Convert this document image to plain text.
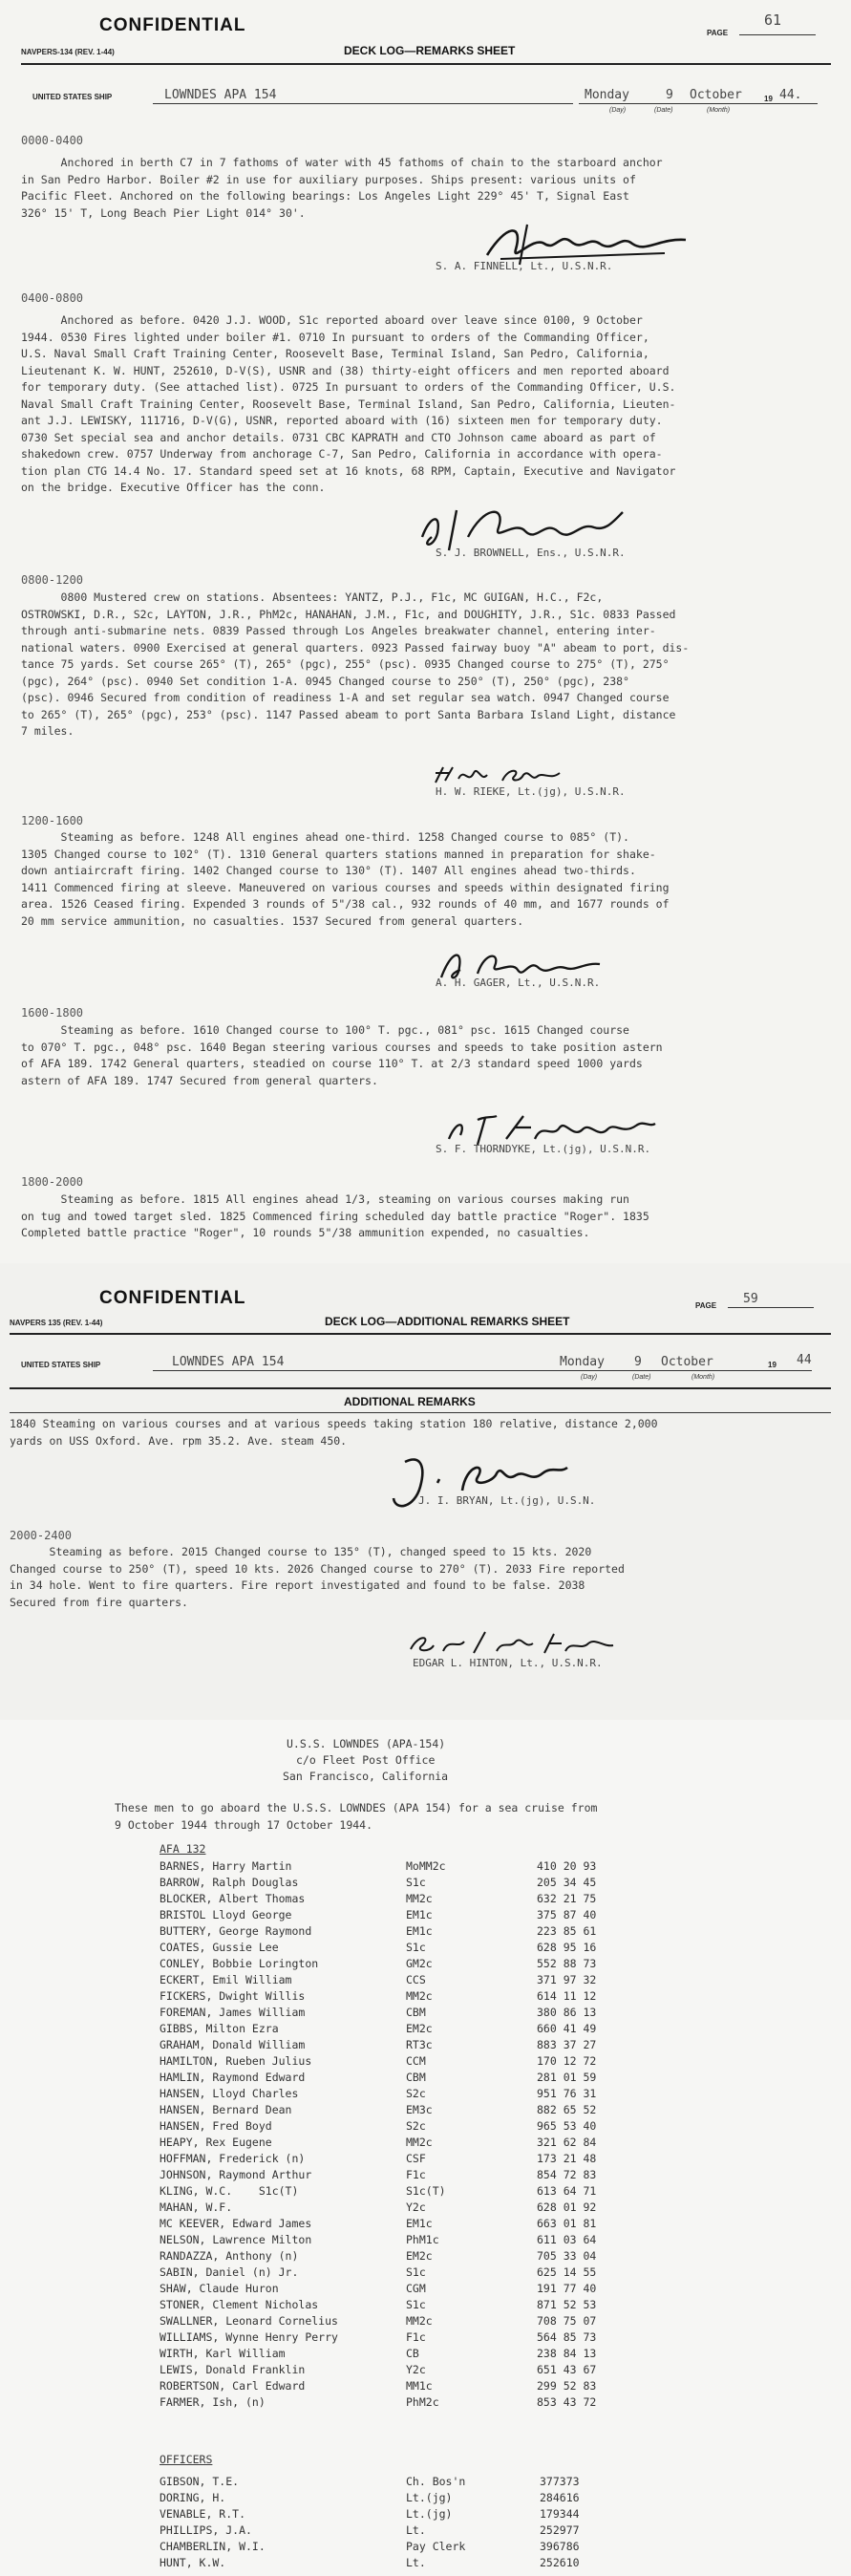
CONFIDENTIAL	PAGE
61
NAVPERS-134 (REV. 1-44)	DECK LOG—REMARKS SHEET
UNITED STATES SHIP	LOWNDES APA 154	Monday	9 October	19 44.
(Day)	(Date)	(Month)
0000-0400
Anchored in berth C7 in 7 fathoms of water with 45 fathoms of chain to the starboard anchor
in San Pedro Harbor. Boiler #2 in use for auxiliary purposes. Ships present: various units of
Pacific Fleet. Anchored on the following bearings: Los Angeles Light 229° 45' T, Signal East
326° 15' T, Long Beach Pier Light 014° 30'.
S. A. FINNELL, Lt., U.S.N.R.
0400-0800
Anchored as before. 0420 J.J. WOOD, S1c reported aboard over leave since 0100, 9 October
1944. 0530 Fires lighted under boiler #1. 0710 In pursuant to orders of the Commanding Officer,
U.S. Naval Small Craft Training Center, Roosevelt Base, Terminal Island, San Pedro, California,
Lieutenant K. W. HUNT, 252610, D-V(S), USNR and (38) thirty-eight officers and men reported aboard
for temporary duty. (See attached list). 0725 In pursuant to orders of the Commanding Officer, U.S.
Naval Small Craft Training Center, Roosevelt Base, Terminal Island, San Pedro, California, Lieuten-
ant J.J. LEWISKY, 111716, D-V(G), USNR, reported aboard with (16) sixteen men for temporary duty.
0730 Set special sea and anchor details. 0731 CBC KAPRATH and CTO Johnson came aboard as part of
shakedown crew. 0757 Underway from anchorage C-7, San Pedro, California in accordance with opera-
tion plan CTG 14.4 No. 17. Standard speed set at 16 knots, 68 RPM, Captain, Executive and Navigator
on the bridge. Executive Officer has the conn.
S. J. BROWNELL, Ens., U.S.N.R.
0800-1200
0800 Mustered crew on stations. Absentees: YANTZ, P.J., F1c, MC GUIGAN, H.C., F2c,
OSTROWSKI, D.R., S2c, LAYTON, J.R., PhM2c, HANAHAN, J.M., F1c, and DOUGHITY, J.R., S1c. 0833 Passed
through anti-submarine nets. 0839 Passed through Los Angeles breakwater channel, entering inter-
national waters. 0900 Exercised at general quarters. 0923 Passed fairway buoy "A" abeam to port, dis-
tance 75 yards. Set course 265° (T), 265° (pgc), 255° (psc). 0935 Changed course to 275° (T), 275°
(pgc), 264° (psc). 0940 Set condition 1-A. 0945 Changed course to 250° (T), 250° (pgc), 238°
(psc). 0946 Secured from condition of readiness 1-A and set regular sea watch. 0947 Changed course
to 265° (T), 265° (pgc), 253° (psc). 1147 Passed abeam to port Santa Barbara Island Light, distance
7 miles.
H. W. RIEKE, Lt.(jg), U.S.N.R.
1200-1600
Steaming as before. 1248 All engines ahead one-third. 1258 Changed course to 085° (T).
1305 Changed course to 102° (T). 1310 General quarters stations manned in preparation for shake-
down antiaircraft firing. 1402 Changed course to 130° (T). 1407 All engines ahead two-thirds.
1411 Commenced firing at sleeve. Maneuvered on various courses and speeds within designated firing
area. 1526 Ceased firing. Expended 3 rounds of 5"/38 cal., 932 rounds of 40 mm, and 1677 rounds of
20 mm service ammunition, no casualties. 1537 Secured from general quarters.
A. H. GAGER, Lt., U.S.N.R.
1600-1800
Steaming as before. 1610 Changed course to 100° T. pgc., 081° psc. 1615 Changed course
to 070° T. pgc., 048° psc. 1640 Began steering various courses and speeds to take position astern
of AFA 189. 1742 General quarters, steadied on course 110° T. at 2/3 standard speed 1000 yards
astern of AFA 189. 1747 Secured from general quarters.
S. F. THORNDYKE, Lt.(jg), U.S.N.R.
1800-2000
Steaming as before. 1815 All engines ahead 1/3, steaming on various courses making run
on tug and towed target sled. 1825 Commenced firing scheduled day battle practice "Roger". 1835
Completed battle practice "Roger", 10 rounds 5"/38 ammunition expended, no casualties.
CONFIDENTIAL	PAGE 59
NAVPERS 135 (REV. 1-44)	DECK LOG—ADDITIONAL REMARKS SHEET
UNITED STATES SHIP	LOWNDES APA 154	Monday 9 October	19 44
(Day)	(Date)	(Month)
ADDITIONAL REMARKS
1840 Steaming on various courses and at various speeds taking station 180 relative, distance 2,000
yards on USS Oxford. Ave. rpm 35.2. Ave. steam 450.
J. I. BRYAN, Lt.(jg), U.S.N.
2000-2400
Steaming as before. 2015 Changed course to 135° (T), changed speed to 15 kts. 2020
Changed course to 250° (T), speed 10 kts. 2026 Changed course to 270° (T). 2033 Fire reported
in 34 hole. Went to fire quarters. Fire report investigated and found to be false. 2038
Secured from fire quarters.
EDGAR L. HINTON, Lt., U.S.N.R.
U.S.S. LOWNDES (APA-154)
c/o Fleet Post Office
San Francisco, California
These men to go aboard the U.S.S. LOWNDES (APA 154) for a sea cruise from
9 October 1944 through 17 October 1944.
AFA 132
BARNES, Harry Martin	MoMM2c	410 20 93
BARROW, Ralph Douglas	S1c	205 34 45
BLOCKER, Albert Thomas	MM2c	632 21 75
BRISTOL Lloyd George	EM1c	375 87 40
BUTTERY, George Raymond	EM1c	223 85 61
COATES, Gussie Lee	S1c	628 95 16
CONLEY, Bobbie Lorington	GM2c	552 88 73
ECKERT, Emil William	CCS	371 97 32
FICKERS, Dwight Willis	MM2c	614 11 12
FOREMAN, James William	CBM	380 86 13
GIBBS, Milton Ezra	EM2c	660 41 49
GRAHAM, Donald William	RT3c	883 37 27
HAMILTON, Rueben Julius	CCM	170 12 72
HAMLIN, Raymond Edward	CBM	281 01 59
HANSEN, Lloyd Charles	S2c	951 76 31
HANSEN, Bernard Dean	EM3c	882 65 52
HANSEN, Fred Boyd	S2c	965 53 40
HEAPY, Rex Eugene	MM2c	321 62 84
HOFFMAN, Frederick (n)	CSF	173 21 48
JOHNSON, Raymond Arthur	F1c	854 72 83
KLING, W.C.    S1c(T)	S1c(T)	613 64 71
MAHAN, W.F.	Y2c	628 01 92
MC KEEVER, Edward James	EM1c	663 01 81
NELSON, Lawrence Milton	PhM1c	611 03 64
RANDAZZA, Anthony (n)	EM2c	705 33 04
SABIN, Daniel (n) Jr.	S1c	625 14 55
SHAW, Claude Huron	CGM	191 77 40
STONER, Clement Nicholas	S1c	871 52 53
SWALLNER, Leonard Cornelius	MM2c	708 75 07
WILLIAMS, Wynne Henry Perry	F1c	564 85 73
WIRTH, Karl William	CB	238 84 13
LEWIS, Donald Franklin	Y2c	651 43 67
ROBERTSON, Carl Edward	MM1c	299 52 83
FARMER, Ish, (n)	PhM2c	853 43 72
OFFICERS
GIBSON, T.E.	Ch. Bos'n	377373
DORING, H.	Lt.(jg)	284616
VENABLE, R.T.	Lt.(jg)	179344
PHILLIPS, J.A.	Lt.	252977
CHAMBERLIN, W.I.	Pay Clerk	396786
HUNT, K.W.	Lt.	252610
